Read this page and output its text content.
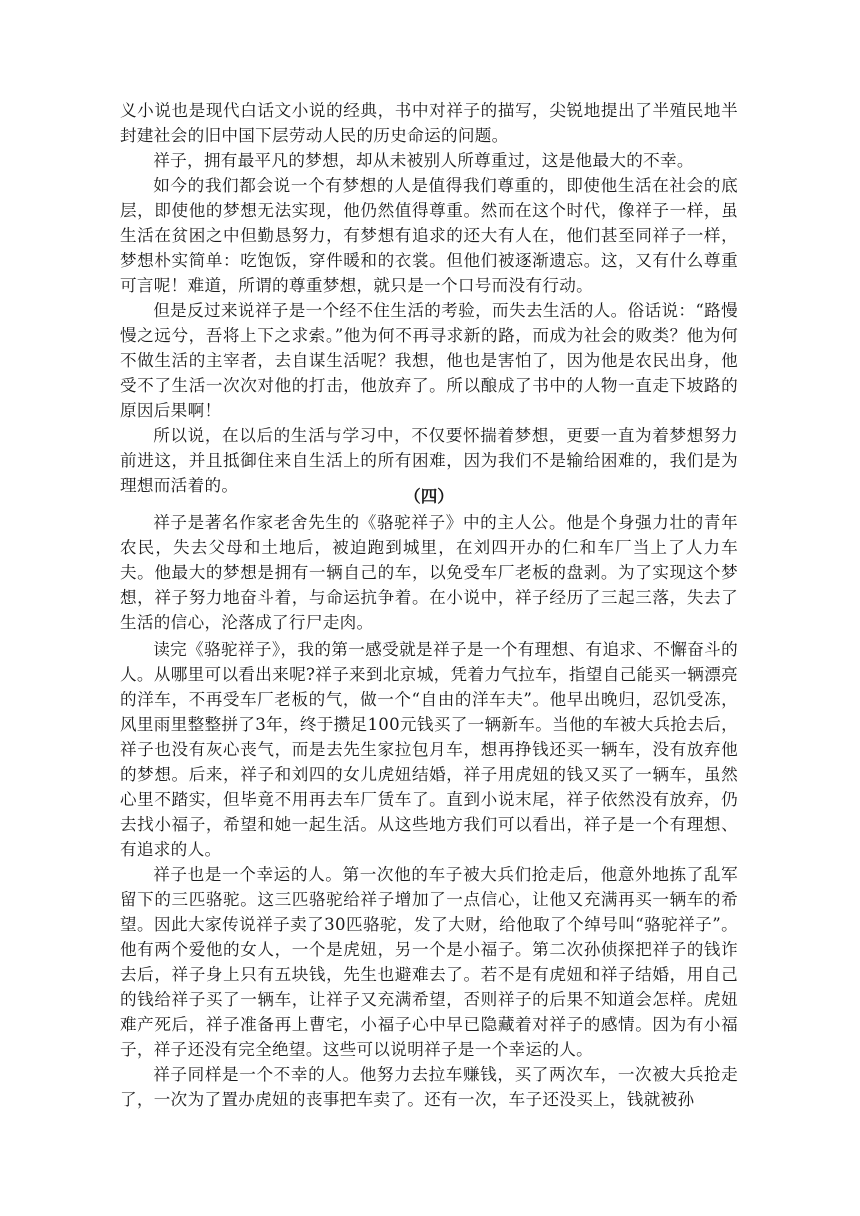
义小说也是现代白话文小说的经典，书中对祥子的描写，尖锐地提出了半殖民地半封建社会的旧中国下层劳动人民的历史命运的问题。

祥子，拥有最平凡的梦想，却从未被别人所尊重过，这是他最大的不幸。

如今的我们都会说一个有梦想的人是值得我们尊重的，即使他生活在社会的底层，即使他的梦想无法实现，他仍然值得尊重。然而在这个时代，像祥子一样，虽生活在贫困之中但勤恳努力，有梦想有追求的还大有人在，他们甚至同祥子一样，梦想朴实简单：吃饱饭，穿件暖和的衣裳。但他们被逐渐遗忘。这，又有什么尊重可言呢！难道，所谓的尊重梦想，就只是一个口号而没有行动。

但是反过来说祥子是一个经不住生活的考验，而失去生活的人。俗话说：“路慢慢之远兮，吾将上下之求索。”他为何不再寻求新的路，而成为社会的败类？他为何不做生活的主宰者，去自谋生活呢？我想，他也是害怕了，因为他是农民出身，他受不了生活一次次对他的打击，他放弃了。所以酿成了书中的人物一直走下坡路的原因后果啊！

所以说，在以后的生活与学习中，不仅要怀揣着梦想，更要一直为着梦想努力前进这，并且抵御住来自生活上的所有困难，因为我们不是输给困难的，我们是为理想而活着的。

（四）

祥子是著名作家老舍先生的《骆驼祥子》中的主人公。他是个身强力壮的青年农民，失去父母和土地后，被迫跑到城里，在刘四开办的仁和车厂当上了人力车夫。他最大的梦想是拥有一辆自己的车，以免受车厂老板的盘剥。为了实现这个梦想，祥子努力地奋斗着，与命运抗争着。在小说中，祥子经历了三起三落，失去了生活的信心，沦落成了行尸走肉。

读完《骆驼祥子》，我的第一感受就是祥子是一个有理想、有追求、不懈奋斗的人。从哪里可以看出来呢?祥子来到北京城，凭着力气拉车，指望自己能买一辆漂亮的洋车，不再受车厂老板的气，做一个“自由的洋车夫”。他早出晚归，忍饥受冻，风里雨里整整拼了3年，终于攒足100元钱买了一辆新车。当他的车被大兵抢去后，祥子也没有灰心丧气，而是去先生家拉包月车，想再挣钱还买一辆车，没有放弃他的梦想。后来，祥子和刘四的女儿虎妞结婚，祥子用虎妞的钱又买了一辆车，虽然心里不踏实，但毕竟不用再去车厂赁车了。直到小说末尾，祥子依然没有放弃，仍去找小福子，希望和她一起生活。从这些地方我们可以看出，祥子是一个有理想、有追求的人。

祥子也是一个幸运的人。第一次他的车子被大兵们抢走后，他意外地拣了乱军留下的三匹骆驼。这三匹骆驼给祥子增加了一点信心，让他又充满再买一辆车的希望。因此大家传说祥子卖了30匹骆驼，发了大财，给他取了个绰号叫“骆驼祥子”。他有两个爱他的女人，一个是虎妞，另一个是小福子。第二次孙侦探把祥子的钱诈去后，祥子身上只有五块钱，先生也避难去了。若不是有虎妞和祥子结婚，用自己的钱给祥子买了一辆车，让祥子又充满希望，否则祥子的后果不知道会怎样。虎妞难产死后，祥子准备再上曹宅，小福子心中早已隐藏着对祥子的感情。因为有小福子，祥子还没有完全绝望。这些可以说明祥子是一个幸运的人。

祥子同样是一个不幸的人。他努力去拉车赚钱，买了两次车，一次被大兵抢走了，一次为了置办虎妞的丧事把车卖了。还有一次，车子还没买上，钱就被孙
